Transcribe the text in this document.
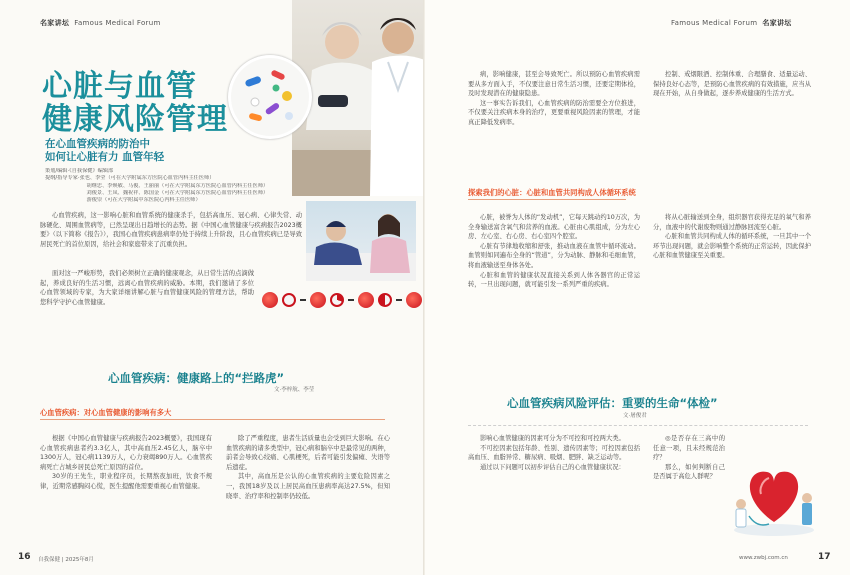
名家讲坛 Famous Medical Forum
心脏与血管
健康风险管理
在心血管疾病的防治中
如何让心脏有力 血管年轻
策划/编辑·《自我保健》编辑部
提纲/指导专家·张也、李莹（可在大学附属东方医院心血管内科主任医师）
　　　　　　　　胡继忠、李焕敏、马俊、王丽丽（可在大学附属东方医院心血管内科主任医师）
　　　　　　　　刘俊景、王凤、魏祝祥、陈国金（可在大学附属东方医院心血管内科主任医师）
　　　　　　　　游俊崇（可在大学附属中东医院心内科主任医师）

心血管疾病，这一影响心脏和血管系统的健康杀手，包括高血压、冠心病、心律失常、动脉硬化、周围血管病等，已然呈现出日趋增长的态势。据《中国心血管健康与疾病报告2023概要》（以下简称《报告》），我国心血管疾病患病率仍处于持续上升阶段，且心血管疾病已是导致居民死亡的首位原因，给社会和家庭带来了沉重负担。

面对这一严峻形势，我们必须树立正确的健康观念，从日常生活的点滴做起，养成良好的生活习惯，远离心血管疾病的威胁。本期，我们邀请了多位心血管领域的专家，为大家详细讲解心脏与血管健康风险的管理方法，帮助您科学守护心血管健康。

心血管疾病：健康路上的“拦路虎”
文·李梓航、李莹
心血管疾病：对心血管健康的影响有多大

根据《中国心血管健康与疾病报告2023概要》，我国现有心血管疾病患者约3.3亿人，其中高血压2.45亿人，脑卒中1300万人，冠心病1139万人，心力衰竭890万人。心血管疾病死亡占城乡居民总死亡原因的首位。

30岁的王先生，职业程序员，长期熬夜加班，饮食不规律，近期常感胸闷心慌，医生提醒他需要重视心血管健康。

除了严重程度，患者生活质量也会受到巨大影响。在心血管疾病的诸多类型中，冠心病和脑卒中是最常见的两种，前者会导致心绞痛、心肌梗死，后者可能引发偏瘫、失语等后遗症。

其中，高血压是公认的心血管疾病的主要危险因素之一，我国18岁及以上居民高血压患病率高达27.5%，但知晓率、治疗率和控制率仍较低。

16 自我保健 | 2025年8月
Famous Medical Forum 名家讲坛

病，影响健康，甚至会导致死亡。所以预防心血管疾病需要从多方面入手，不仅要注意日常生活习惯，还要定期体检，及时发现潜在的健康隐患。

这一事实告诉我们，心血管疾病的防治需要全方位推进，不仅要关注疾病本身的治疗，更要重视风险因素的管理，才能真正降低发病率。

控制、戒烟限酒、控制体重、合理膳食、适量运动、保持良好心态等，是预防心血管疾病的有效措施，应当从现在开始，从自身做起，逐步养成健康的生活方式。

探索我们的心脏：心脏和血管共同构成人体循环系统

心脏，被誉为人体的“发动机”，它每天跳动约10万次，为全身输送富含氧气和营养的血液。心脏由心肌组成，分为左心房、左心室、右心房、右心室四个腔室。

心脏有节律地收缩和舒张，推动血液在血管中循环流动。血管则如同遍布全身的“管道”，分为动脉、静脉和毛细血管，将血液输送至身体各处。

心脏和血管的健康状况直接关系到人体各器官的正常运转，一旦出现问题，就可能引发一系列严重的疾病。

将从心脏输送到全身，组织器官获得充足的氧气和养分，血液中的代谢废物则通过静脉回流至心脏。

心脏和血管共同构成人体的循环系统，一旦其中一个环节出现问题，就会影响整个系统的正常运转，因此保护心脏和血管健康至关重要。

心血管疾病风险评估：重要的生命“体检”
文·屠俊君

影响心血管健康的因素可分为不可控和可控两大类。

不可控因素包括年龄、性别、遗传因素等；可控因素包括高血压、血脂异常、糖尿病、吸烟、肥胖、缺乏运动等。

通过以下问题可以初步评估自己的心血管健康状况：

◎是否存在三高中的任意一项，且未经规范治疗？

那么，如何判断自己是否属于高危人群呢？

www.zwbj.com.cn	17
